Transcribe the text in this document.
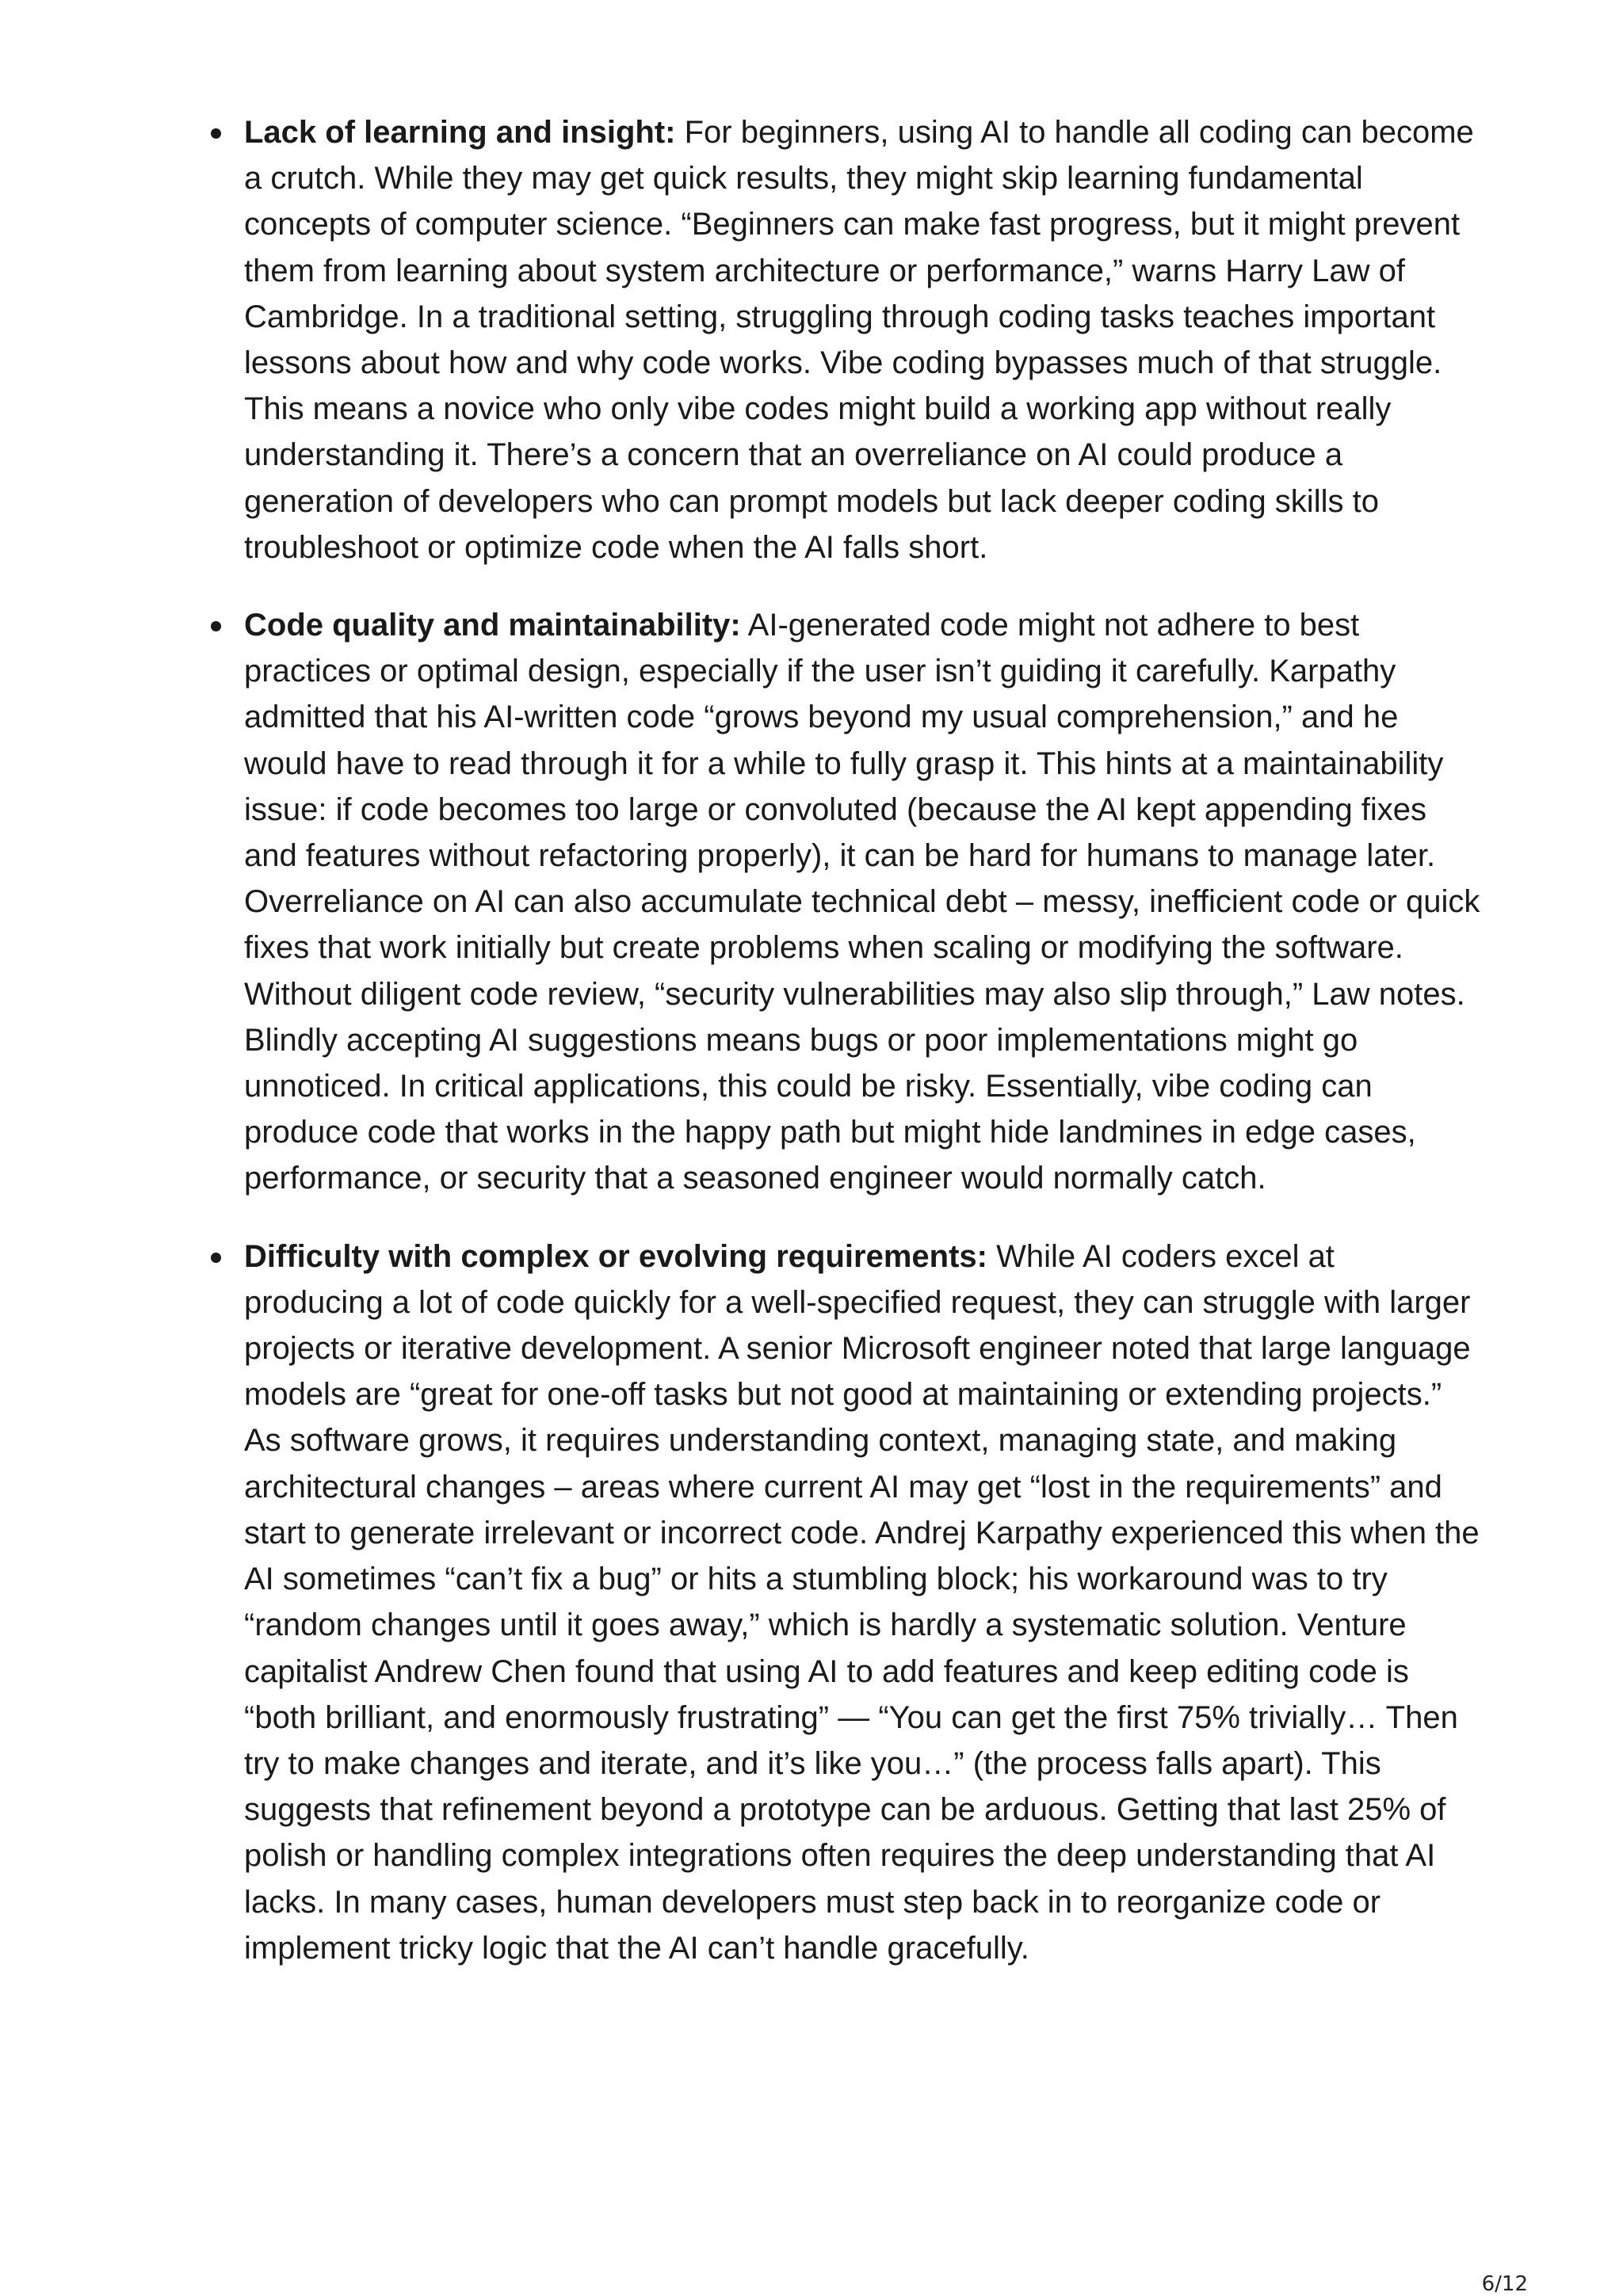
Lack of learning and insight: For beginners, using AI to handle all coding can become a crutch. While they may get quick results, they might skip learning fundamental concepts of computer science. “Beginners can make fast progress, but it might prevent them from learning about system architecture or performance,” warns Harry Law of Cambridge. In a traditional setting, struggling through coding tasks teaches important lessons about how and why code works. Vibe coding bypasses much of that struggle. This means a novice who only vibe codes might build a working app without really understanding it. There’s a concern that an overreliance on AI could produce a generation of developers who can prompt models but lack deeper coding skills to troubleshoot or optimize code when the AI falls short.
Code quality and maintainability: AI-generated code might not adhere to best practices or optimal design, especially if the user isn’t guiding it carefully. Karpathy admitted that his AI-written code “grows beyond my usual comprehension,” and he would have to read through it for a while to fully grasp it. This hints at a maintainability issue: if code becomes too large or convoluted (because the AI kept appending fixes and features without refactoring properly), it can be hard for humans to manage later. Overreliance on AI can also accumulate technical debt – messy, inefficient code or quick fixes that work initially but create problems when scaling or modifying the software. Without diligent code review, “security vulnerabilities may also slip through,” Law notes. Blindly accepting AI suggestions means bugs or poor implementations might go unnoticed. In critical applications, this could be risky. Essentially, vibe coding can produce code that works in the happy path but might hide landmines in edge cases, performance, or security that a seasoned engineer would normally catch.
Difficulty with complex or evolving requirements: While AI coders excel at producing a lot of code quickly for a well-specified request, they can struggle with larger projects or iterative development. A senior Microsoft engineer noted that large language models are “great for one-off tasks but not good at maintaining or extending projects.” As software grows, it requires understanding context, managing state, and making architectural changes – areas where current AI may get “lost in the requirements” and start to generate irrelevant or incorrect code. Andrej Karpathy experienced this when the AI sometimes “can’t fix a bug” or hits a stumbling block; his workaround was to try “random changes until it goes away,” which is hardly a systematic solution. Venture capitalist Andrew Chen found that using AI to add features and keep editing code is “both brilliant, and enormously frustrating” — “You can get the first 75% trivially… Then try to make changes and iterate, and it’s like you…” (the process falls apart). This suggests that refinement beyond a prototype can be arduous. Getting that last 25% of polish or handling complex integrations often requires the deep understanding that AI lacks. In many cases, human developers must step back in to reorganize code or implement tricky logic that the AI can’t handle gracefully.
6/12
